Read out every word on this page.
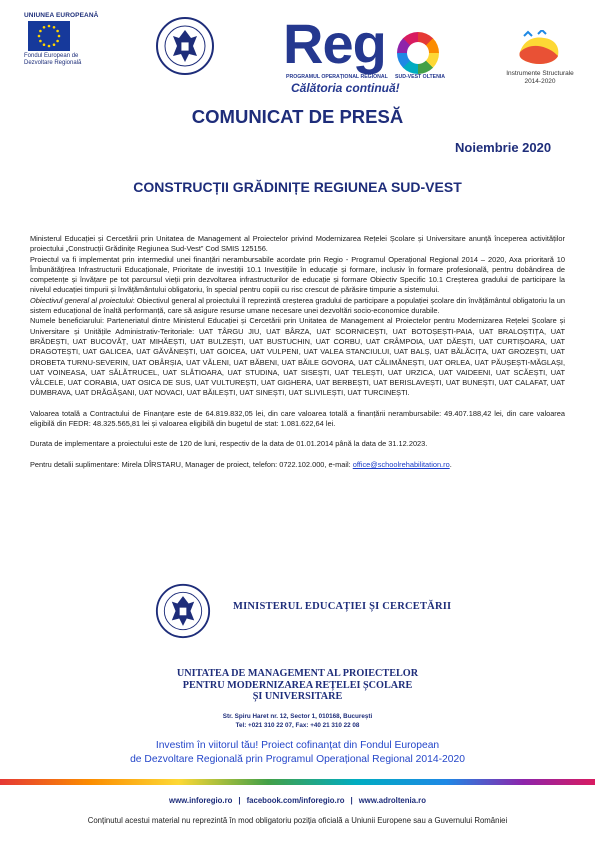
UNIUNEA EUROPEANĂ
Fondul European de
Dezvoltare Regională	Reg
PROGRAMUL OPERAȚIONAL REGIONAL SUD-VEST OLTENIA
Călătoria continuă!
Instrumente Structurale
2014-2020
COMUNICAT DE PRESĂ
Noiembrie 2020
CONSTRUCȚII GRĂDINIȚE REGIUNEA SUD-VEST

Ministerul Educației și Cercetării prin Unitatea de Management al Proiectelor privind Modernizarea Rețelei Școlare și Universitare anunță începerea activităților proiectului „Construcții Grădinițe Regiunea Sud-Vest” Cod SMIS 125156.

Proiectul va fi implementat prin intermediul unei finanțări nerambursabile acordate prin Regio - Programul Operațional Regional 2014 – 2020, Axa prioritară 10 Îmbunătățirea Infrastructurii Educaționale, Prioritate de investiții 10.1 Investițiile în educație și formare, inclusiv în formare profesională, pentru dobândirea de competențe și învățare pe tot parcursul vieții prin dezvoltarea infrastructurilor de educație și formare Obiectiv Specific 10.1 Creșterea gradului de participare la nivelul educației timpurii și învățământului obligatoriu, în special pentru copiii cu risc crescut de părăsire timpurie a sistemului.

Obiectivul general al proiectului: Obiectivul general al proiectului îl reprezintă creșterea gradului de participare a populației școlare din învățământul obligatoriu la un sistem educațional de înaltă performanță, care să asigure resurse umane necesare unei dezvoltări socio-economice durabile.

Numele beneficiarului: Parteneriatul dintre Ministerul Educației și Cercetării prin Unitatea de Management al Proiectelor pentru Modernizarea Rețelei Școlare și Universitare și Unitățile Administrativ-Teritoriale: UAT TÂRGU JIU, UAT BÂRZA, UAT SCORNICEȘTI, UAT BOTOȘEȘTI-PAIA, UAT BRALOȘTIȚA, UAT BRĂDEȘTI, UAT BUCOVĂȚ, UAT MIHĂEȘTI, UAT BULZEȘTI, UAT BUSTUCHIN, UAT CORBU, UAT CRÂMPOIA, UAT DĂEȘTI, UAT CURTIȘOARA, UAT DRAGOTEȘTI, UAT GALICEA, UAT GĂVĂNEȘTI, UAT GOICEA, UAT VULPENI, UAT VALEA STANCIULUI, UAT BALȘ, UAT BĂLĂCIȚA, UAT GROZEȘTI, UAT DROBETA TURNU-SEVERIN, UAT OBÂRȘIA, UAT VĂLENI, UAT BĂBENI, UAT BĂILE GOVORA, UAT CĂLIMĂNEȘTI, UAT ORLEA, UAT PĂUȘEȘTI-MĂGLAȘI, UAT VOINEASA, UAT SĂLĂTRUCEL, UAT SLĂTIOARA, UAT STUDINA, UAT SISEȘTI, UAT TELEȘTI, UAT URZICA, UAT VAIDEENI, UAT SCĂEȘTI, UAT VÂLCELE, UAT CORABIA, UAT OSICA DE SUS, UAT VULTUREȘTI, UAT GIGHERA, UAT BERBEȘTI, UAT BERISLAVEȘTI, UAT BUNEȘTI, UAT CALAFAT, UAT DUMBRAVA, UAT DRĂGĂȘANI, UAT NOVACI, UAT BĂILEȘTI, UAT SINEȘTI, UAT SLIVILEȘTI, UAT TURCINEȘTI.

Valoarea totală a Contractului de Finanțare este de 64.819.832,05 lei, din care valoarea totală a finanțării nerambursabile: 49.407.188,42 lei, din care valoarea eligibilă din FEDR: 48.325.565,81 lei și valoarea eligibilă din bugetul de stat: 1.081.622,64 lei.

Durata de implementare a proiectului este de 120 de luni, respectiv de la data de 01.01.2014 până la data de 31.12.2023.

Pentru detalii suplimentare: Mirela DÎRSTARU, Manager de proiect, telefon: 0722.102.000, e-mail: office@schoolrehabilitation.ro.

MINISTERUL EDUCAȚIEI ȘI CERCETĂRII
UNITATEA DE MANAGEMENT AL PROIECTELOR
PENTRU MODERNIZAREA REȚELEI ȘCOLARE
ȘI UNIVERSITARE
Str. Spiru Haret nr. 12, Sector 1, 010168, București
Tel: +021 310 22 07, Fax: +40 21 310 22 08
Investim în viitorul tău! Proiect cofinanțat din Fondul European
de Dezvoltare Regională prin Programul Operațional Regional 2014-2020
www.inforegio.ro | facebook.com/inforegio.ro | www.adroltenia.ro
Conținutul acestui material nu reprezintă în mod obligatoriu poziția oficială a Uniunii Europene sau a Guvernului României
